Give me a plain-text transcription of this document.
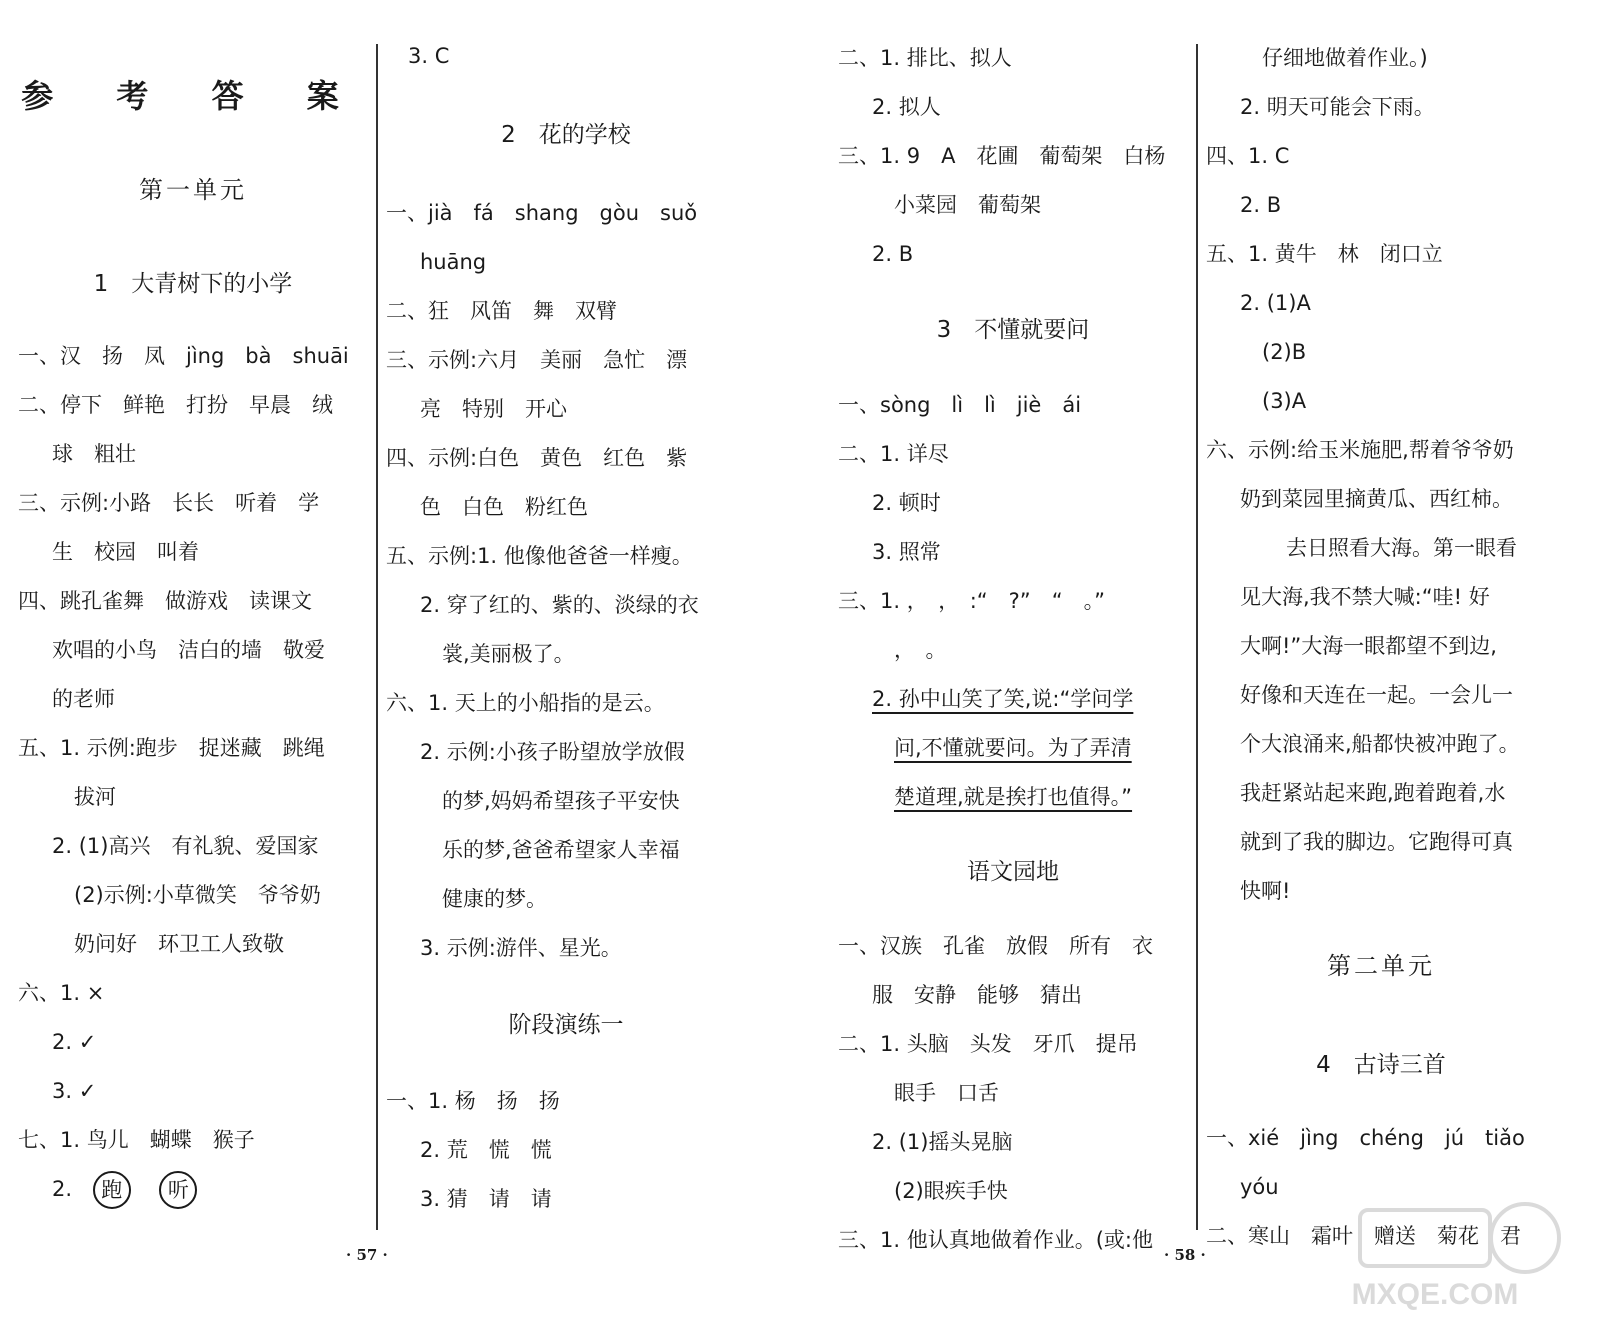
参 考 答 案
第一单元
1　大青树下的小学
一、汉　扬　凤　jìng　bà　shuāi
二、停下　鲜艳　打扮　早晨　绒
球　粗壮
三、示例:小路　长长　听着　学
生　校园　叫着
四、跳孔雀舞　做游戏　读课文
欢唱的小鸟　洁白的墙　敬爱
的老师
五、1. 示例:跑步　捉迷藏　跳绳
拔河
2. (1)高兴　有礼貌、爱国家
(2)示例:小草微笑　爷爷奶
奶问好　环卫工人致敬
六、1. ×
2. ✓
3. ✓
七、1. 鸟儿　蝴蝶　猴子
2. 跑 听
3. C
2　花的学校
一、jià　fá　shang　gòu　suǒ
huāng
二、狂　风笛　舞　双臂
三、示例:六月　美丽　急忙　漂
亮　特别　开心
四、示例:白色　黄色　红色　紫
色　白色　粉红色
五、示例:1. 他像他爸爸一样瘦。
2. 穿了红的、紫的、淡绿的衣
裳,美丽极了。
六、1. 天上的小船指的是云。
2. 示例:小孩子盼望放学放假
的梦,妈妈希望孩子平安快
乐的梦,爸爸希望家人幸福
健康的梦。
3. 示例:游伴、星光。
阶段演练一
一、1. 杨　扬　扬
2. 荒　慌　慌
3. 猜　请　请
二、1. 排比、拟人
2. 拟人
三、1. 9　A　花圃　葡萄架　白杨
小菜园　葡萄架
2. B
3　不懂就要问
一、sòng　lì　lì　jiè　ái
二、1. 详尽
2. 顿时
3. 照常
三、1. ，　，　:“　?”　“　。”
，　。
2. 孙中山笑了笑,说:“学问学
问,不懂就要问。为了弄清
楚道理,就是挨打也值得。”
语文园地
一、汉族　孔雀　放假　所有　衣
服　安静　能够　猜出
二、1. 头脑　头发　牙爪　提吊
眼手　口舌
2. (1)摇头晃脑
(2)眼疾手快
三、1. 他认真地做着作业。(或:他
仔细地做着作业。)
2. 明天可能会下雨。
四、1. C
2. B
五、1. 黄牛　林　闭口立
2. (1)A
(2)B
(3)A
六、示例:给玉米施肥,帮着爷爷奶
奶到菜园里摘黄瓜、西红柿。
去日照看大海。第一眼看
见大海,我不禁大喊:“哇! 好
大啊!”大海一眼都望不到边,
好像和天连在一起。一会儿一
个大浪涌来,船都快被冲跑了。
我赶紧站起来跑,跑着跑着,水
就到了我的脚边。它跑得可真
快啊!
第二单元
4　古诗三首
一、xié　jìng　chéng　jú　tiǎo
yóu
二、寒山　霜叶　赠送　菊花　君
· 57 ·	· 58 ·
MXQE.COM
